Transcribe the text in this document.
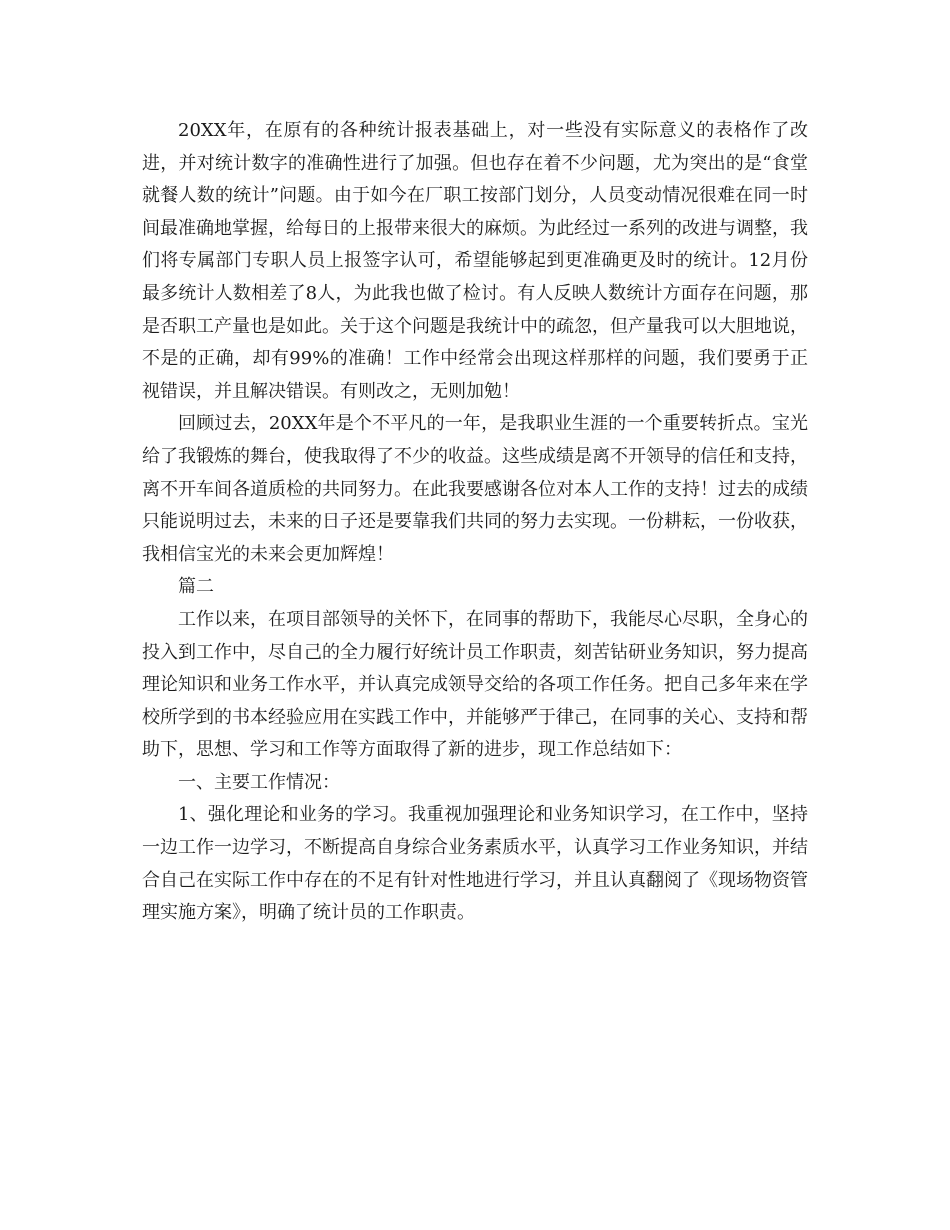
20XX年，在原有的各种统计报表基础上，对一些没有实际意义的表格作了改进，并对统计数字的准确性进行了加强。但也存在着不少问题，尤为突出的是“食堂就餐人数的统计”问题。由于如今在厂职工按部门划分，人员变动情况很难在同一时间最准确地掌握，给每日的上报带来很大的麻烦。为此经过一系列的改进与调整，我们将专属部门专职人员上报签字认可，希望能够起到更准确更及时的统计。12月份最多统计人数相差了8人，为此我也做了检讨。有人反映人数统计方面存在问题，那是否职工产量也是如此。关于这个问题是我统计中的疏忽，但产量我可以大胆地说，不是的正确，却有99%的准确！工作中经常会出现这样那样的问题，我们要勇于正视错误，并且解决错误。有则改之，无则加勉！

回顾过去，20XX年是个不平凡的一年，是我职业生涯的一个重要转折点。宝光给了我锻炼的舞台，使我取得了不少的收益。这些成绩是离不开领导的信任和支持，离不开车间各道质检的共同努力。在此我要感谢各位对本人工作的支持！过去的成绩只能说明过去，未来的日子还是要靠我们共同的努力去实现。一份耕耘，一份收获，我相信宝光的未来会更加辉煌！

篇二

工作以来，在项目部领导的关怀下，在同事的帮助下，我能尽心尽职，全身心的投入到工作中，尽自己的全力履行好统计员工作职责，刻苦钻研业务知识，努力提高理论知识和业务工作水平，并认真完成领导交给的各项工作任务。把自己多年来在学校所学到的书本经验应用在实践工作中，并能够严于律己，在同事的关心、支持和帮助下，思想、学习和工作等方面取得了新的进步，现工作总结如下：

一、主要工作情况：

1、强化理论和业务的学习。我重视加强理论和业务知识学习，在工作中，坚持一边工作一边学习，不断提高自身综合业务素质水平，认真学习工作业务知识，并结合自己在实际工作中存在的不足有针对性地进行学习，并且认真翻阅了《现场物资管理实施方案》，明确了统计员的工作职责。
